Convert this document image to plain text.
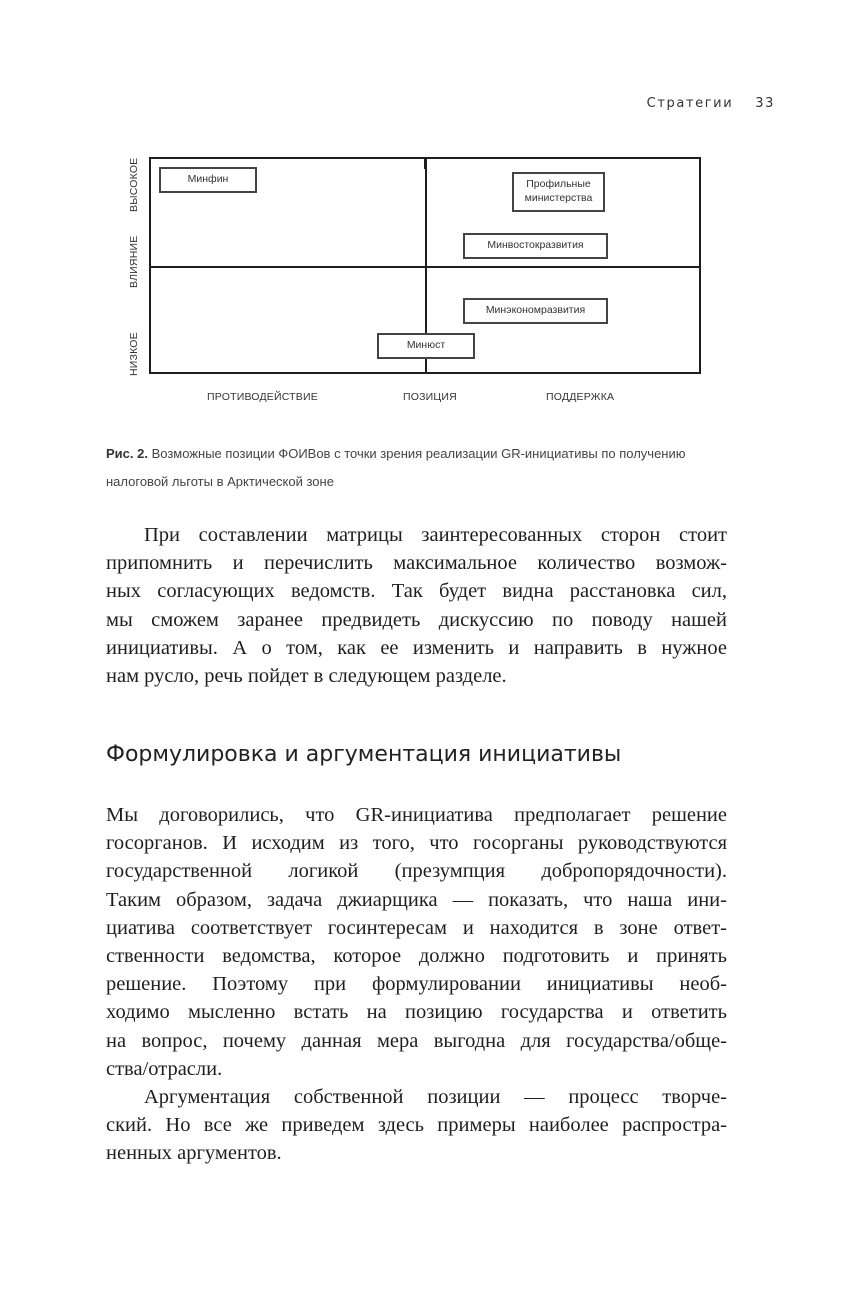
Стратегии 33
ВЫСОКОЕ
ВЛИЯНИЕ
НИЗКОЕ
ПРОТИВОДЕЙСТВИЕ	ПОЗИЦИЯ	ПОДДЕРЖКА
Минфин	Профильные
министерства
Минвостокразвития
Минэкономразвития
Минюст
Рис. 2. Возможные позиции ФОИВов с точки зрения реализации GR-инициативы по получению налоговой льготы в Арктической зоне
При составлении матрицы заинтересованных сторон стоит
припомнить и перечислить максимальное количество возмож-
ных согласующих ведомств. Так будет видна расстановка сил,
мы сможем заранее предвидеть дискуссию по поводу нашей
инициативы. А о том, как ее изменить и направить в нужное
нам русло, речь пойдет в следующем разделе.
Формулировка и аргументация инициативы
Мы договорились, что GR-инициатива предполагает решение
госорганов. И исходим из того, что госорганы руководствуются
государственной логикой (презумпция добропорядочности).
Таким образом, задача джиарщика — показать, что наша ини-
циатива соответствует госинтересам и находится в зоне ответ-
ственности ведомства, которое должно подготовить и принять
решение. Поэтому при формулировании инициативы необ-
ходимо мысленно встать на позицию государства и ответить
на вопрос, почему данная мера выгодна для государства/обще-
ства/отрасли.
Аргументация собственной позиции — процесс творче-
ский. Но все же приведем здесь примеры наиболее распростра-
ненных аргументов.
